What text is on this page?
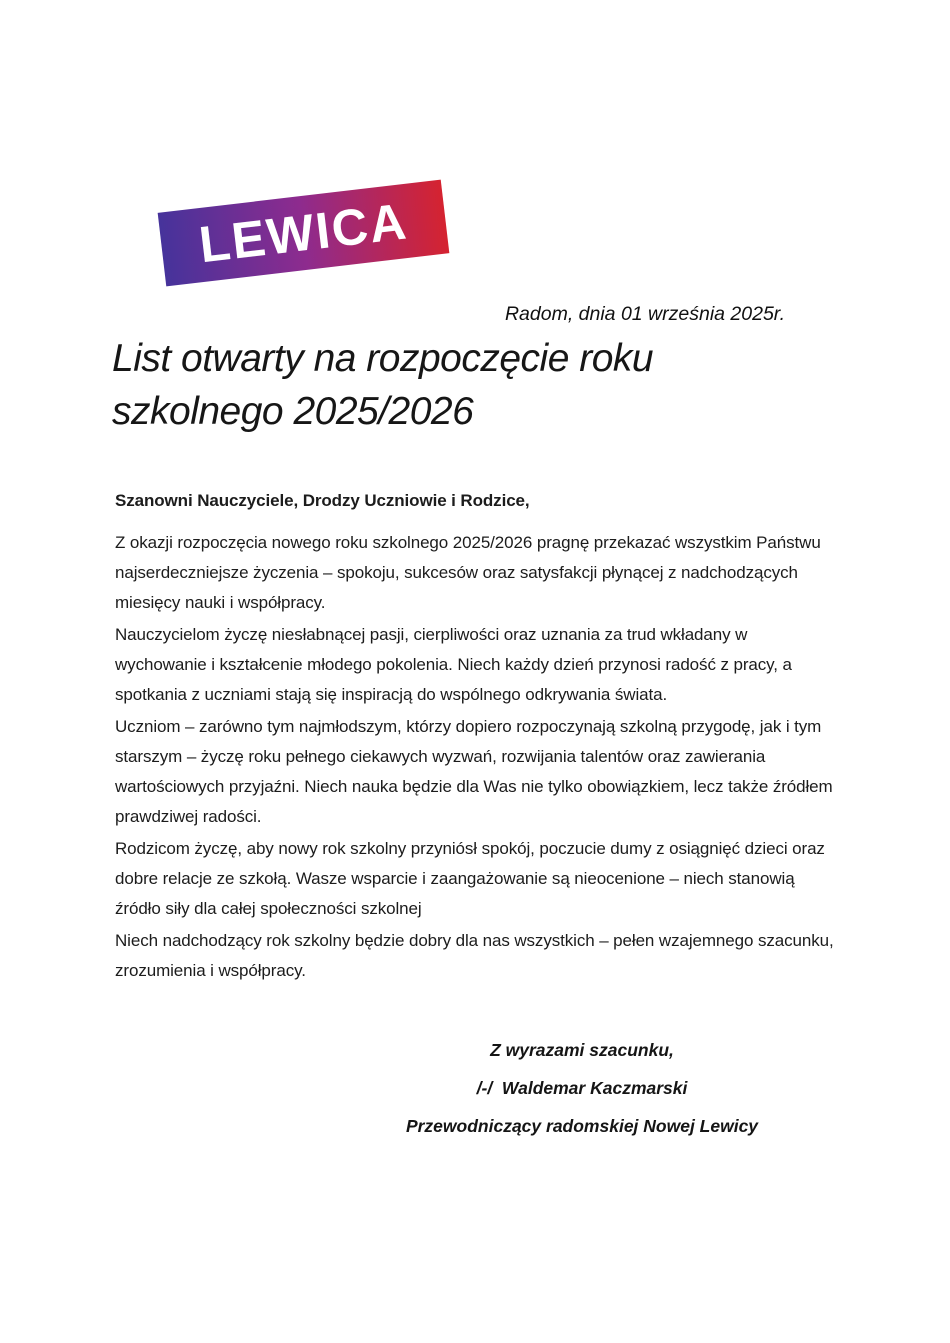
LEWICA
Radom, dnia 01 września 2025r.
List otwarty na rozpoczęcie roku szkolnego 2025/2026

Szanowni Nauczyciele, Drodzy Uczniowie i Rodzice,

Z okazji rozpoczęcia nowego roku szkolnego 2025/2026 pragnę przekazać wszystkim Państwu najserdeczniejsze życzenia – spokoju, sukcesów oraz satysfakcji płynącej z nadchodzących miesięcy nauki i współpracy.

Nauczycielom życzę niesłabnącej pasji, cierpliwości oraz uznania za trud wkładany w wychowanie i kształcenie młodego pokolenia. Niech każdy dzień przynosi radość z pracy, a spotkania z uczniami stają się inspiracją do wspólnego odkrywania świata.

Uczniom – zarówno tym najmłodszym, którzy dopiero rozpoczynają szkolną przygodę, jak i tym starszym – życzę roku pełnego ciekawych wyzwań, rozwijania talentów oraz zawierania wartościowych przyjaźni. Niech nauka będzie dla Was nie tylko obowiązkiem, lecz także źródłem prawdziwej radości.

Rodzicom życzę, aby nowy rok szkolny przyniósł spokój, poczucie dumy z osiągnięć dzieci oraz dobre relacje ze szkołą. Wasze wsparcie i zaangażowanie są nieocenione – niech stanowią źródło siły dla całej społeczności szkolnej

Niech nadchodzący rok szkolny będzie dobry dla nas wszystkich – pełen wzajemnego szacunku, zrozumienia i współpracy.

Z wyrazami szacunku,

/-/  Waldemar Kaczmarski

Przewodniczący radomskiej Nowej Lewicy
